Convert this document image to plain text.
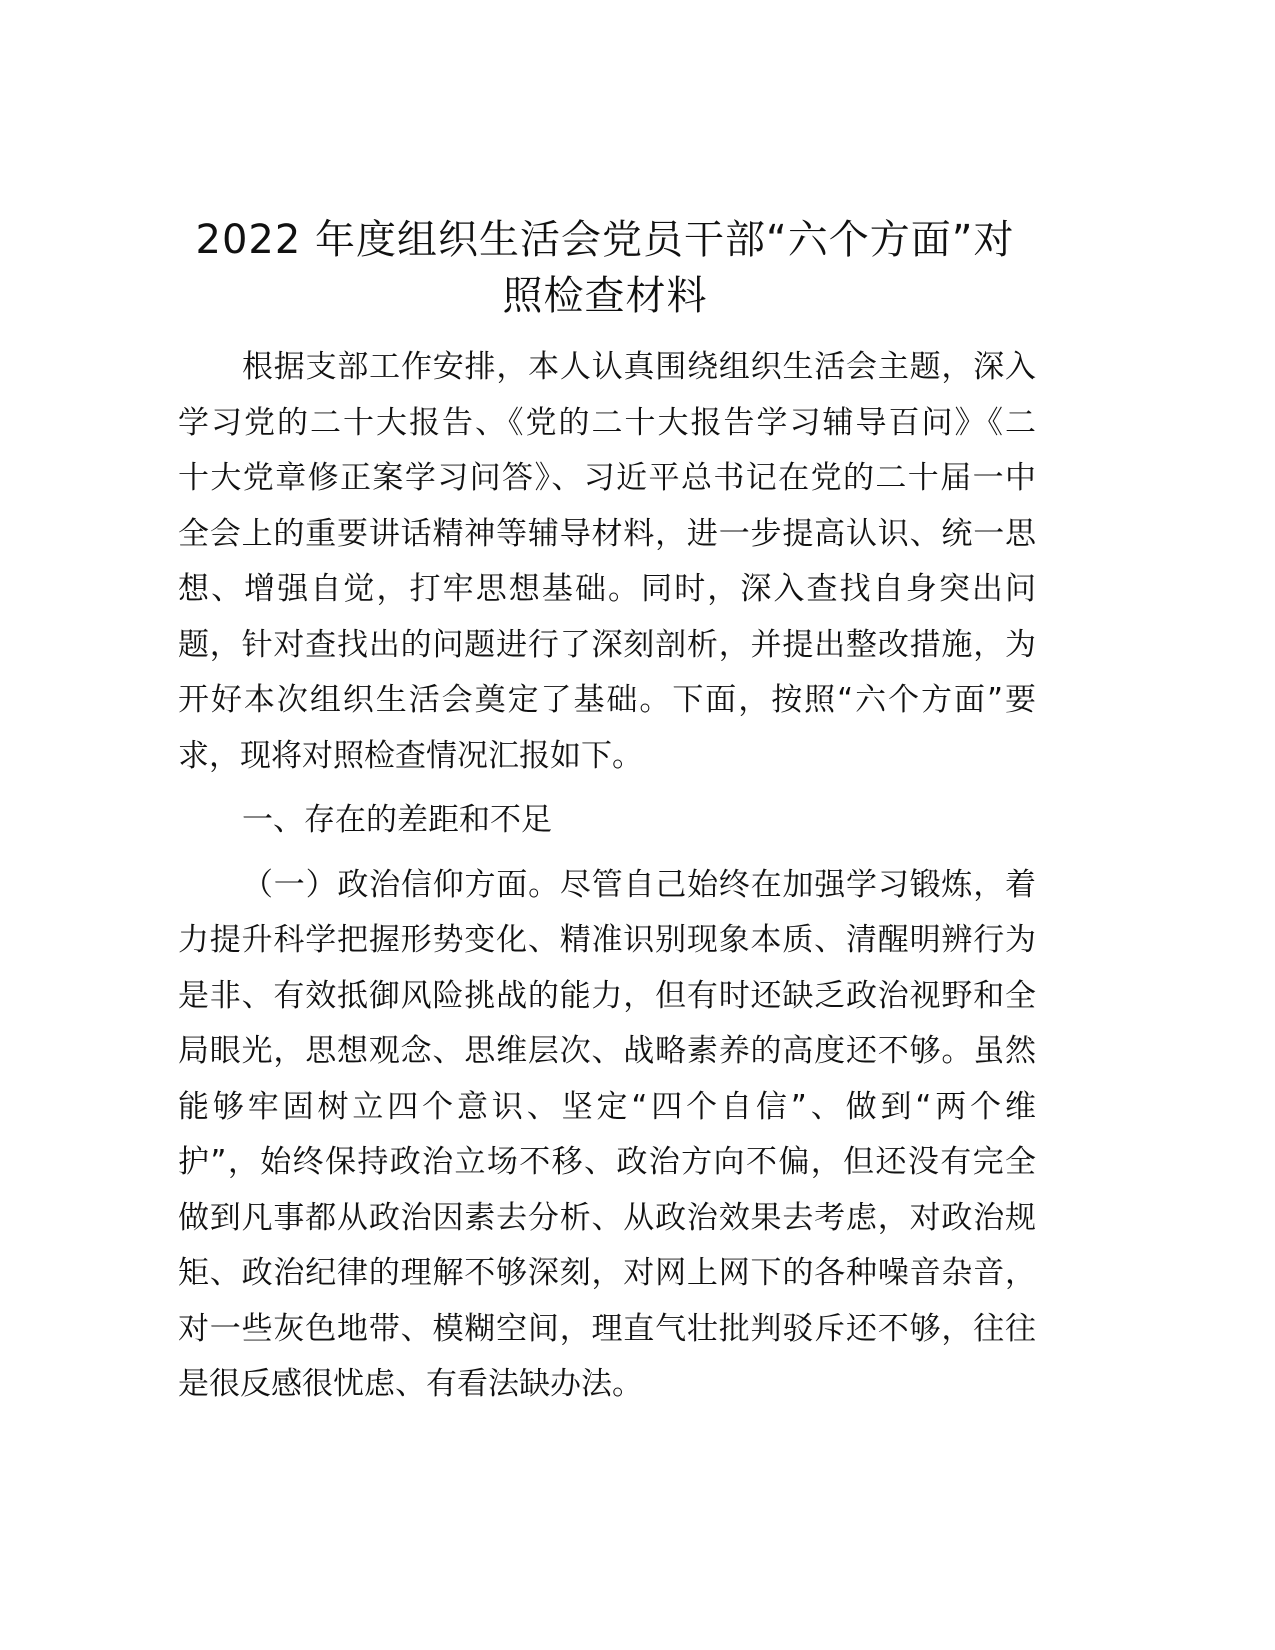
2022 年度组织生活会党员干部“六个方面”对
照检查材料
根据支部工作安排，本人认真围绕组织生活会主题，深入
学习党的二十大报告、《党的二十大报告学习辅导百问》《二
十大党章修正案学习问答》、习近平总书记在党的二十届一中
全会上的重要讲话精神等辅导材料，进一步提高认识、统一思
想、增强自觉，打牢思想基础。同时，深入查找自身突出问
题，针对查找出的问题进行了深刻剖析，并提出整改措施，为
开好本次组织生活会奠定了基础。下面，按照“六个方面”要
求，现将对照检查情况汇报如下。
一、存在的差距和不足
（一）政治信仰方面。尽管自己始终在加强学习锻炼，着
力提升科学把握形势变化、精准识别现象本质、清醒明辨行为
是非、有效抵御风险挑战的能力，但有时还缺乏政治视野和全
局眼光，思想观念、思维层次、战略素养的高度还不够。虽然
能够牢固树立四个意识、坚定“四个自信”、做到“两个维
护”，始终保持政治立场不移、政治方向不偏，但还没有完全
做到凡事都从政治因素去分析、从政治效果去考虑，对政治规
矩、政治纪律的理解不够深刻，对网上网下的各种噪音杂音，
对一些灰色地带、模糊空间，理直气壮批判驳斥还不够，往往
是很反感很忧虑、有看法缺办法。
